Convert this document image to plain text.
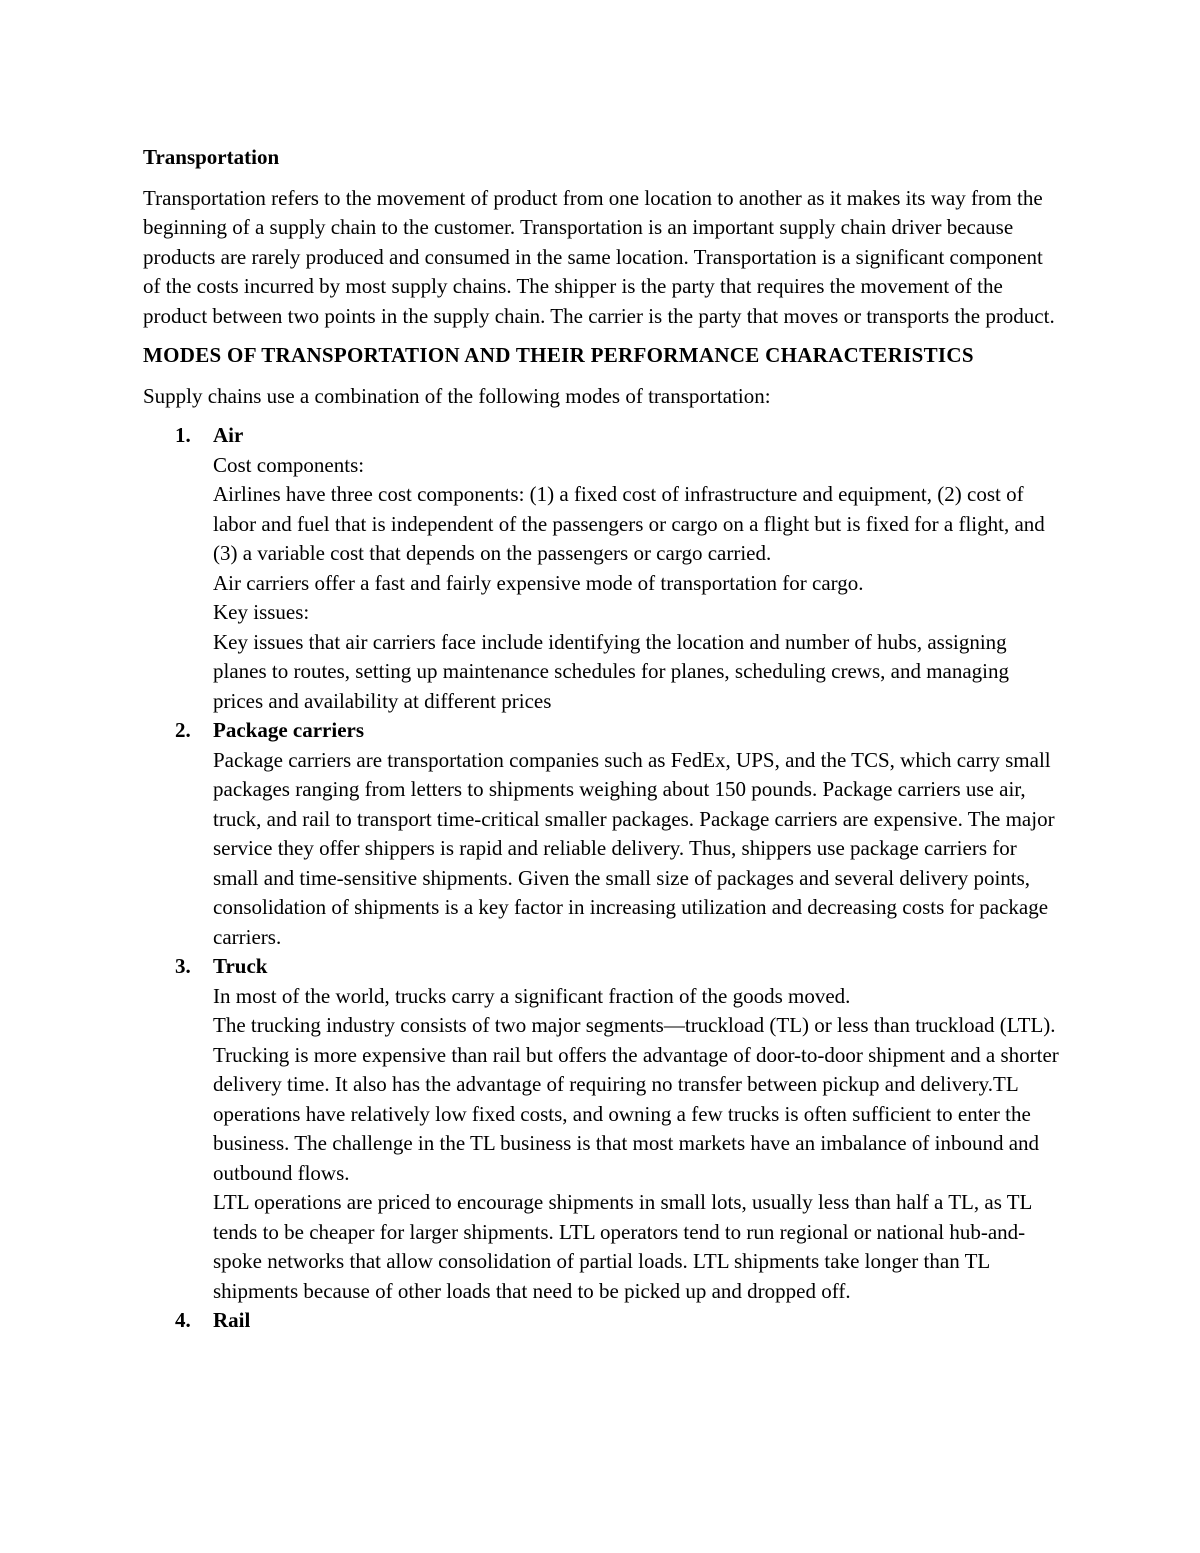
Transportation

Transportation refers to the movement of product from one location to another as it makes its way from the beginning of a supply chain to the customer. Transportation is an important supply chain driver because products are rarely produced and consumed in the same location. Transportation is a significant component of the costs incurred by most supply chains. The shipper is the party that requires the movement of the product between two points in the supply chain. The carrier is the party that moves or transports the product.

MODES OF TRANSPORTATION AND THEIR PERFORMANCE CHARACTERISTICS

Supply chains use a combination of the following modes of transportation:

1. Air
Cost components:
Airlines have three cost components: (1) a fixed cost of infrastructure and equipment, (2) cost of labor and fuel that is independent of the passengers or cargo on a flight but is fixed for a flight, and (3) a variable cost that depends on the passengers or cargo carried.
Air carriers offer a fast and fairly expensive mode of transportation for cargo.
Key issues:
Key issues that air carriers face include identifying the location and number of hubs, assigning planes to routes, setting up maintenance schedules for planes, scheduling crews, and managing prices and availability at different prices
2. Package carriers
Package carriers are transportation companies such as FedEx, UPS, and the TCS, which carry small packages ranging from letters to shipments weighing about 150 pounds. Package carriers use air, truck, and rail to transport time-critical smaller packages. Package carriers are expensive. The major service they offer shippers is rapid and reliable delivery. Thus, shippers use package carriers for small and time-sensitive shipments. Given the small size of packages and several delivery points, consolidation of shipments is a key factor in increasing utilization and decreasing costs for package carriers.
3. Truck
In most of the world, trucks carry a significant fraction of the goods moved.
The trucking industry consists of two major segments—truckload (TL) or less than truckload (LTL). Trucking is more expensive than rail but offers the advantage of door-to-door shipment and a shorter delivery time. It also has the advantage of requiring no transfer between pickup and delivery.TL operations have relatively low fixed costs, and owning a few trucks is often sufficient to enter the business. The challenge in the TL business is that most markets have an imbalance of inbound and outbound flows.
LTL operations are priced to encourage shipments in small lots, usually less than half a TL, as TL tends to be cheaper for larger shipments. LTL operators tend to run regional or national hub-and-spoke networks that allow consolidation of partial loads. LTL shipments take longer than TL shipments because of other loads that need to be picked up and dropped off.
4. Rail
